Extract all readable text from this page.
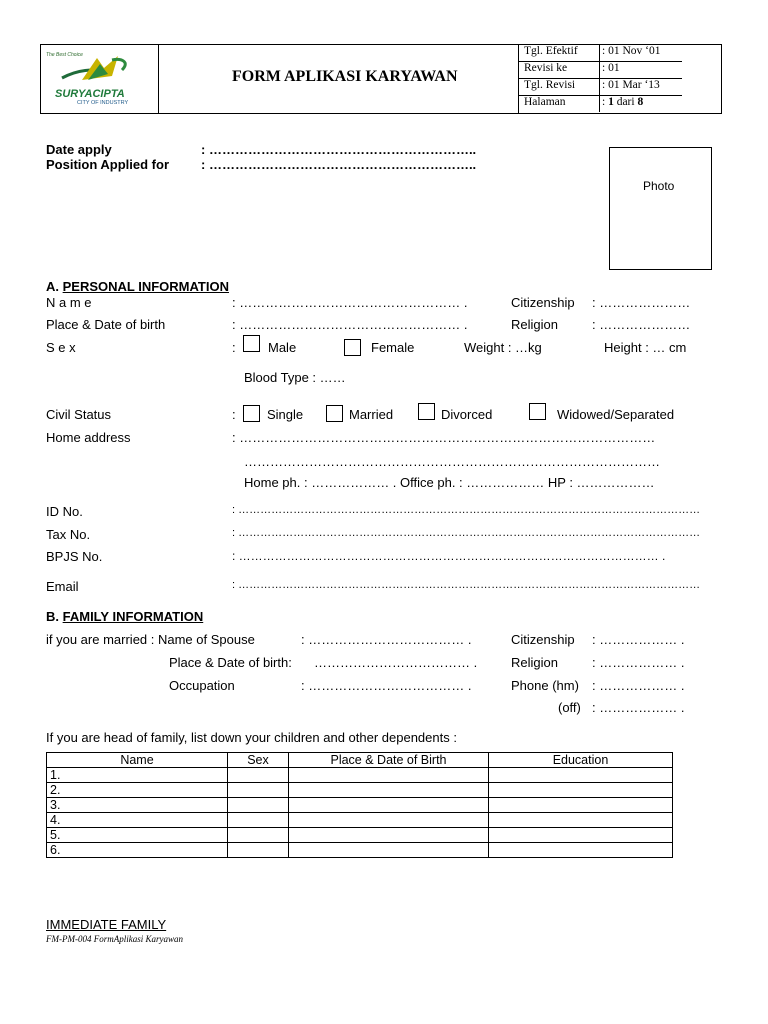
The Best Choice
SURYACIPTA
CITY OF INDUSTRY
FORM APLIKASI KARYAWAN
Tgl. Efektif : 01 Nov ‘01
Revisi ke	: 01
Tgl. Revisi : 01 Mar ‘13
Halaman	: 1 dari 8
Date apply	: ……………………………………………………..
Position Applied for : ……………………………………………………..
Photo
A. PERSONAL INFORMATION
N a m e	: …………………………………………… .	Citizenship : …………………
Place & Date of birth	: …………………………………………… .	Religion	: …………………
S e x	: Male	Female	Weight : …kg	Height : … cm
Blood Type : ……
Civil Status	: Single	Married	Divorced	Widowed/Separated
Home address	: ……………………………………………………………………………………
……………………………………………………………………………………
Home ph. : ……………… . Office ph. : ……………… HP : ………………
ID No.	: ………………………………………………………………………………………………………………
Tax No.	: ………………………………………………………………………………………………………………
BPJS No.	: …………………………………………………………………………………………… .
Email	: ………………………………………………………………………………………………………………
B. FAMILY INFORMATION
if you are married : Name of Spouse	: ……………………………… .	Citizenship : ……………… .
Place & Date of birth: ……………………………… .	Religion	: ……………… .
Occupation	: ……………………………… .	Phone (hm) : ……………… .
(off) : ……………… .
If you are head of family, list down your children and other dependents :
Name	Sex	Place & Date of Birth	Education
1.			
2.			
3.			
4.			
5.			
6.			
IMMEDIATE FAMILY
FM-PM-004 FormAplikasi Karyawan
